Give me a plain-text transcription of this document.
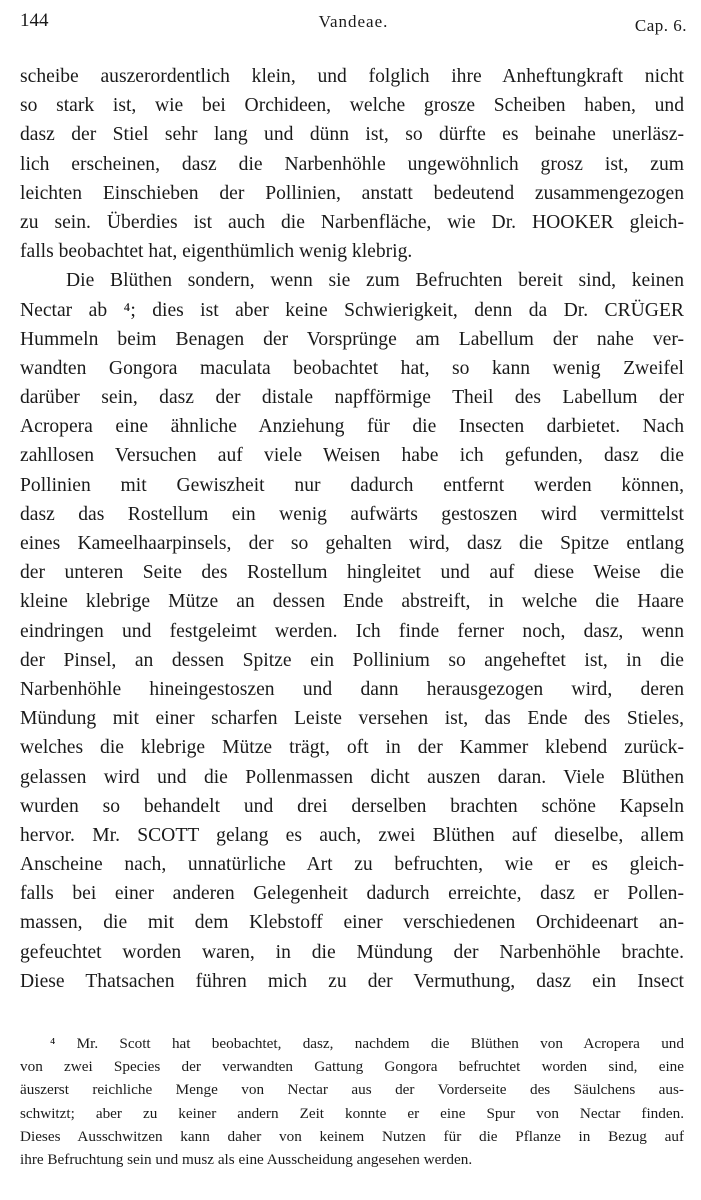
144	Vandeae.	Cap. 6.
scheibe auszerordentlich klein, und folglich ihre Anheftungkraft nicht
so stark ist, wie bei Orchideen, welche grosze Scheiben haben, und
dasz der Stiel sehr lang und dünn ist, so dürfte es beinahe unerläsz-
lich erscheinen, dasz die Narbenhöhle ungewöhnlich grosz ist, zum
leichten Einschieben der Pollinien, anstatt bedeutend zusammengezogen
zu sein. Überdies ist auch die Narbenfläche, wie Dr. HOOKER gleich-
falls beobachtet hat, eigenthümlich wenig klebrig.
Die Blüthen sondern, wenn sie zum Befruchten bereit sind, keinen
Nectar ab ⁴; dies ist aber keine Schwierigkeit, denn da Dr. CRÜGER
Hummeln beim Benagen der Vorsprünge am Labellum der nahe ver-
wandten Gongora maculata beobachtet hat, so kann wenig Zweifel
darüber sein, dasz der distale napfförmige Theil des Labellum der
Acropera eine ähnliche Anziehung für die Insecten darbietet. Nach
zahllosen Versuchen auf viele Weisen habe ich gefunden, dasz die
Pollinien mit Gewiszheit nur dadurch entfernt werden können,
dasz das Rostellum ein wenig aufwärts gestoszen wird vermittelst
eines Kameelhaarpinsels, der so gehalten wird, dasz die Spitze entlang
der unteren Seite des Rostellum hingleitet und auf diese Weise die
kleine klebrige Mütze an dessen Ende abstreift, in welche die Haare
eindringen und festgeleimt werden. Ich finde ferner noch, dasz, wenn
der Pinsel, an dessen Spitze ein Pollinium so angeheftet ist, in die
Narbenhöhle hineingestoszen und dann herausgezogen wird, deren
Mündung mit einer scharfen Leiste versehen ist, das Ende des Stieles,
welches die klebrige Mütze trägt, oft in der Kammer klebend zurück-
gelassen wird und die Pollenmassen dicht auszen daran. Viele Blüthen
wurden so behandelt und drei derselben brachten schöne Kapseln
hervor. Mr. SCOTT gelang es auch, zwei Blüthen auf dieselbe, allem
Anscheine nach, unnatürliche Art zu befruchten, wie er es gleich-
falls bei einer anderen Gelegenheit dadurch erreichte, dasz er Pollen-
massen, die mit dem Klebstoff einer verschiedenen Orchideenart an-
gefeuchtet worden waren, in die Mündung der Narbenhöhle brachte.
Diese Thatsachen führen mich zu der Vermuthung, dasz ein Insect
⁴ Mr. Scott hat beobachtet, dasz, nachdem die Blüthen von Acropera und
von zwei Species der verwandten Gattung Gongora befruchtet worden sind, eine
äuszerst reichliche Menge von Nectar aus der Vorderseite des Säulchens aus-
schwitzt; aber zu keiner andern Zeit konnte er eine Spur von Nectar finden.
Dieses Ausschwitzen kann daher von keinem Nutzen für die Pflanze in Bezug auf
ihre Befruchtung sein und musz als eine Ausscheidung angesehen werden.
